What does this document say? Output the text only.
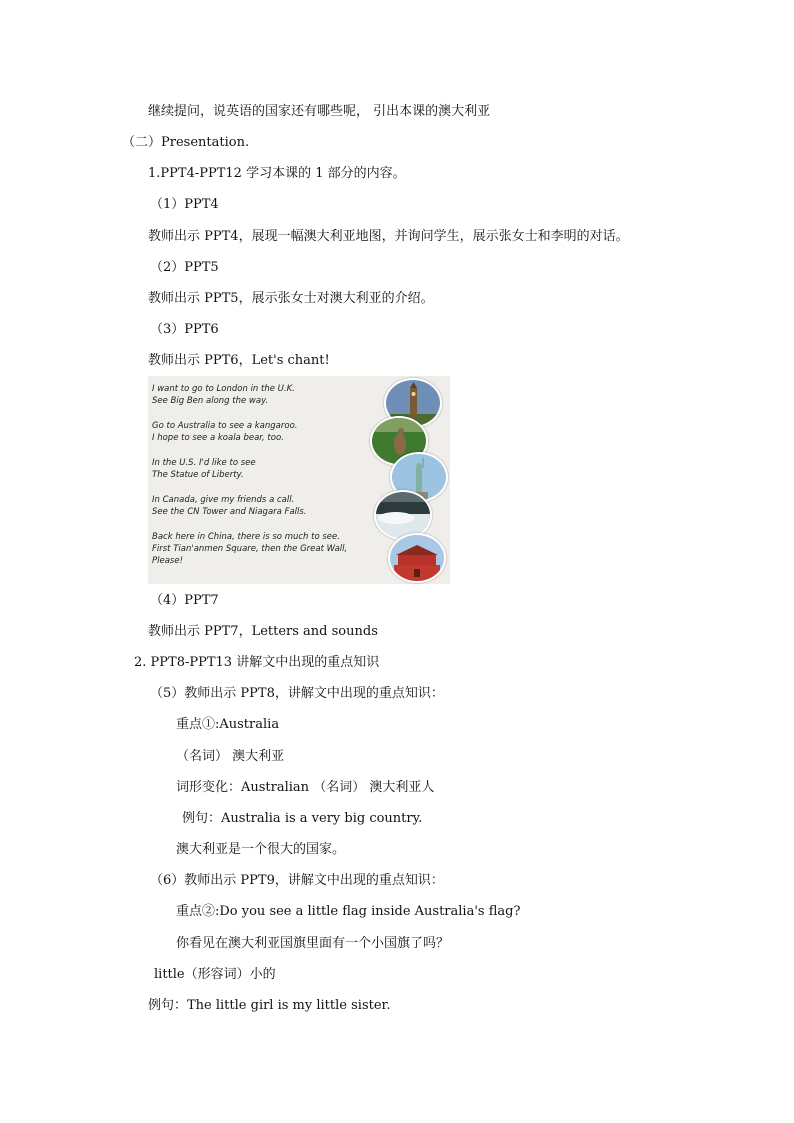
继续提问，说英语的国家还有哪些呢， 引出本课的澳大利亚
（二）Presentation.
1.PPT4-PPT12 学习本课的 1 部分的内容。
（1）PPT4
教师出示 PPT4，展现一幅澳大利亚地图，并询问学生，展示张女士和李明的对话。
（2）PPT5
教师出示 PPT5，展示张女士对澳大利亚的介绍。
（3）PPT6
教师出示 PPT6，Let's chant!
I want to go to London in the U.K.
See Big Ben along the way.
Go to Australia to see a kangaroo.
I hope to see a koala bear, too.
In the U.S. I'd like to see
The Statue of Liberty.
In Canada, give my friends a call.
See the CN Tower and Niagara Falls.
Back here in China, there is so much to see.
First Tian'anmen Square, then the Great Wall,
Please!
（4）PPT7
教师出示 PPT7，Letters and sounds
2. PPT8-PPT13 讲解文中出现的重点知识
（5）教师出示 PPT8，讲解文中出现的重点知识：
重点①:Australia
（名词） 澳大利亚
词形变化：Australian （名词） 澳大利亚人
例句：Australia is a very big country.
澳大利亚是一个很大的国家。
（6）教师出示 PPT9，讲解文中出现的重点知识：
重点②:Do you see a little flag inside Australia's flag?
你看见在澳大利亚国旗里面有一个小国旗了吗？
little（形容词）小的
例句：The little girl is my little sister.
